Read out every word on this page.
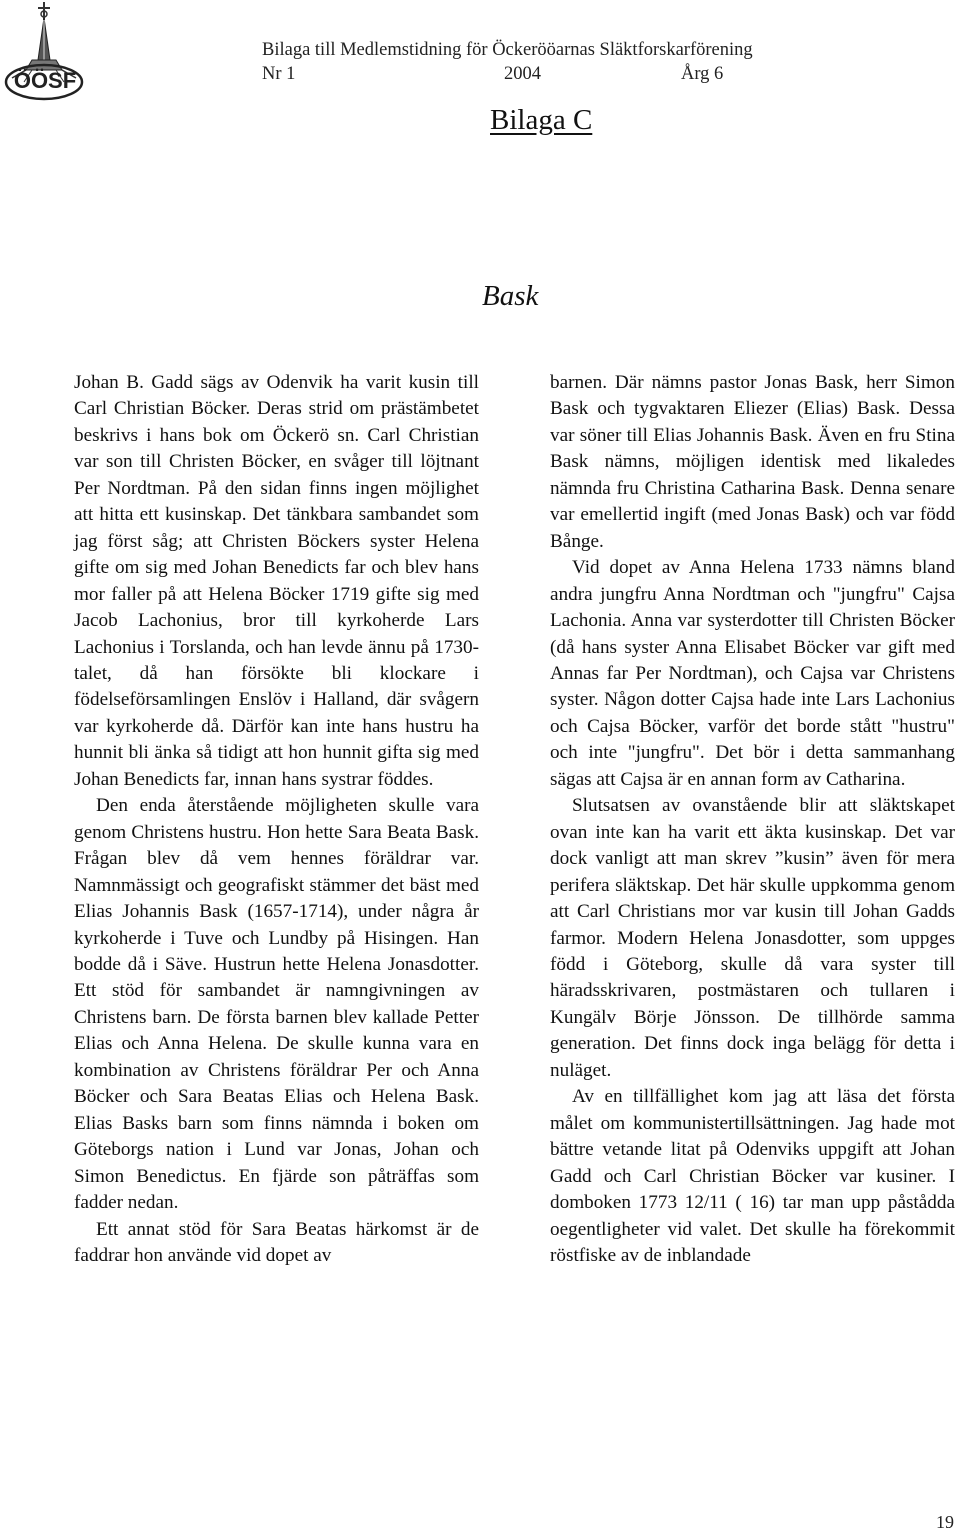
ÖÖSF
Bilaga till Medlemstidning för Öckerööarnas Släktforskarförening
Nr 1	2004	Årg 6
Bilaga C
Bask

Johan B. Gadd sägs av Odenvik ha varit kusin till Carl Christian Böcker. Deras strid om prästämbetet beskrivs i hans bok om Öckerö sn. Carl Christian var son till Christen Böcker, en svåger till löjtnant Per Nordtman. På den sidan finns ingen möjlighet att hitta ett kusinskap. Det tänkbara sambandet som jag först såg; att Christen Böckers syster Helena gifte om sig med Johan Benedicts far och blev hans mor faller på att Helena Böcker 1719 gifte sig med Jacob Lachonius, bror till kyrkoherde Lars Lachonius i Torslanda, och han levde ännu på 1730-talet, då han försökte bli klockare i födelseförsamlingen Enslöv i Halland, där svågern var kyrkoherde då. Därför kan inte hans hustru ha hunnit bli änka så tidigt att hon hunnit gifta sig med Johan Benedicts far, innan hans systrar föddes.

Den enda återstående möjligheten skulle vara genom Christens hustru. Hon hette Sara Beata Bask. Frågan blev då vem hennes föräldrar var. Namnmässigt och geografiskt stämmer det bäst med Elias Johannis Bask (1657-1714), under några år kyrkoherde i Tuve och Lundby på Hisingen. Han bodde då i Säve. Hustrun hette Helena Jonasdotter. Ett stöd för sambandet är namngivningen av Christens barn. De första barnen blev kallade Petter Elias och Anna Helena. De skulle kunna vara en kombination av Christens föräldrar Per och Anna Böcker och Sara Beatas Elias och Helena Bask. Elias Basks barn som finns nämnda i boken om Göteborgs nation i Lund var Jonas, Johan och Simon Benedictus. En fjärde son påträffas som fadder nedan.

Ett annat stöd för Sara Beatas härkomst är de faddrar hon använde vid dopet av

barnen. Där nämns pastor Jonas Bask, herr Simon Bask och tygvaktaren Eliezer (Elias) Bask. Dessa var söner till Elias Johannis Bask. Även en fru Stina Bask nämns, möjligen identisk med likaledes nämnda fru Christina Catharina Bask. Denna senare var emellertid ingift (med Jonas Bask) och var född Bånge.

Vid dopet av Anna Helena 1733 nämns bland andra jungfru Anna Nordtman och "jungfru" Cajsa Lachonia. Anna var systerdotter till Christen Böcker (då hans syster Anna Elisabet Böcker var gift med Annas far Per Nordtman), och Cajsa var Christens syster. Någon dotter Cajsa hade inte Lars Lachonius och Cajsa Böcker, varför det borde stått "hustru" och inte "jungfru". Det bör i detta sammanhang sägas att Cajsa är en annan form av Catharina.

Slutsatsen av ovanstående blir att släktskapet ovan inte kan ha varit ett äkta kusinskap. Det var dock vanligt att man skrev ”kusin” även för mera perifera släktskap. Det här skulle uppkomma genom att Carl Christians mor var kusin till Johan Gadds farmor. Modern Helena Jonasdotter, som uppges född i Göteborg, skulle då vara syster till häradsskrivaren, postmästaren och tullaren i Kungälv Börje Jönsson. De tillhörde samma generation. Det finns dock inga belägg för detta i nuläget.

Av en tillfällighet kom jag att läsa det första målet om kommunistertillsättningen. Jag hade mot bättre vetande litat på Odenviks uppgift att Johan Gadd och Carl Christian Böcker var kusiner. I domboken 1773 12/11 ( 16) tar man upp påstådda oegentligheter vid valet. Det skulle ha förekommit röstfiske av de inblandade

19
